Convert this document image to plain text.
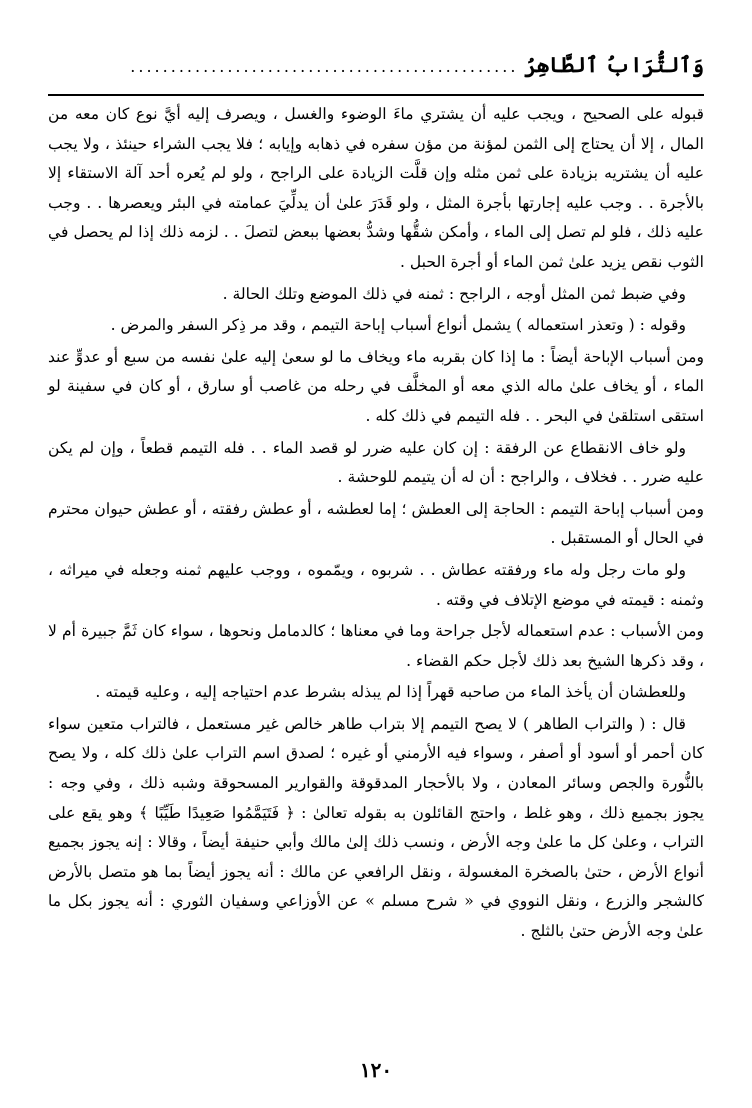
وَٱلتُّرَابُ ٱلطَّاهِرُ
................................................

قبوله على الصحيح ، ويجب عليه أن يشتري ماءَ الوضوء والغسل ، ويصرف إليه أيَّ نوع كان معه من المال ، إلا أن يحتاج إلى الثمن لمؤنة من مؤن سفره في ذهابه وإيابه ؛ فلا يجب الشراء حينئذ ، ولا يجب عليه أن يشتريه بزيادة على ثمن مثله وإن قلَّت الزيادة على الراجح ، ولو لم يُعره أحد آلة الاستقاء إلا بالأجرة . . وجب عليه إجارتها بأجرة المثل ، ولو قَدَرَ علىٰ أن يدلِّيَ عمامته في البئر ويعصرها . . وجب عليه ذلك ، فلو لم تصل إلى الماء ، وأمكن شقُّها وشدُّ بعضها ببعض لتصلَ . . لزمه ذلك إذا لم يحصل في الثوب نقص يزيد علىٰ ثمن الماء أو أجرة الحبل .

وفي ضبط ثمن المثل أوجه ، الراجح : ثمنه في ذلك الموضع وتلك الحالة .

وقوله : ( وتعذر استعماله ) يشمل أنواع أسباب إباحة التيمم ، وقد مر ذِكر السفر والمرض .

ومن أسباب الإباحة أيضاً : ما إذا كان بقربه ماء ويخاف ما لو سعىٰ إليه علىٰ نفسه من سبع أو عدوٍّ عند الماء ، أو يخاف علىٰ ماله الذي معه أو المخلَّف في رحله من غاصب أو سارق ، أو كان في سفينة لو استقى استلقىٰ في البحر . . فله التيمم في ذلك كله .

ولو خاف الانقطاع عن الرفقة : إن كان عليه ضرر لو قصد الماء . . فله التيمم قطعاً ، وإن لم يكن عليه ضرر . . فخلاف ، والراجح : أن له أن يتيمم للوحشة .

ومن أسباب إباحة التيمم : الحاجة إلى العطش ؛ إما لعطشه ، أو عطش رفقته ، أو عطش حيوان محترم في الحال أو المستقبل .

ولو مات رجل وله ماء ورفقته عطاش . . شربوه ، ويمّموه ، ووجب عليهم ثمنه وجعله في ميراثه ، وثمنه : قيمته في موضع الإتلاف في وقته .

ومن الأسباب : عدم استعماله لأجل جراحة وما في معناها ؛ كالدمامل ونحوها ، سواء كان ثَمَّ جبيرة أم لا ، وقد ذكرها الشيخ بعد ذلك لأجل حكم القضاء .

وللعطشان أن يأخذ الماء من صاحبه قهراً إذا لم يبذله بشرط عدم احتياجه إليه ، وعليه قيمته .

قال : ( والتراب الطاهر ) لا يصح التيمم إلا بتراب طاهر خالص غير مستعمل ، فالتراب متعين سواء كان أحمر أو أسود أو أصفر ، وسواء فيه الأرمني أو غيره ؛ لصدق اسم التراب علىٰ ذلك كله ، ولا يصح بالنُّورة والجص وسائر المعادن ، ولا بالأحجار المدقوقة والقوارير المسحوقة وشبه ذلك ، وفي وجه : يجوز بجميع ذلك ، وهو غلط ، واحتج القائلون به بقوله تعالىٰ : ﴿ فَتَيَمَّمُوا صَعِيدًا طَيِّبًا ﴾ وهو يقع على التراب ، وعلىٰ كل ما علىٰ وجه الأرض ، ونسب ذلك إلىٰ مالك وأبي حنيفة أيضاً ، وقالا : إنه يجوز بجميع أنواع الأرض ، حتىٰ بالصخرة المغسولة ، ونقل الرافعي عن مالك : أنه يجوز أيضاً بما هو متصل بالأرض كالشجر والزرع ، ونقل النووي في « شرح مسلم » عن الأوزاعي وسفيان الثوري : أنه يجوز بكل ما علىٰ وجه الأرض حتىٰ بالثلج .

١٢٠
